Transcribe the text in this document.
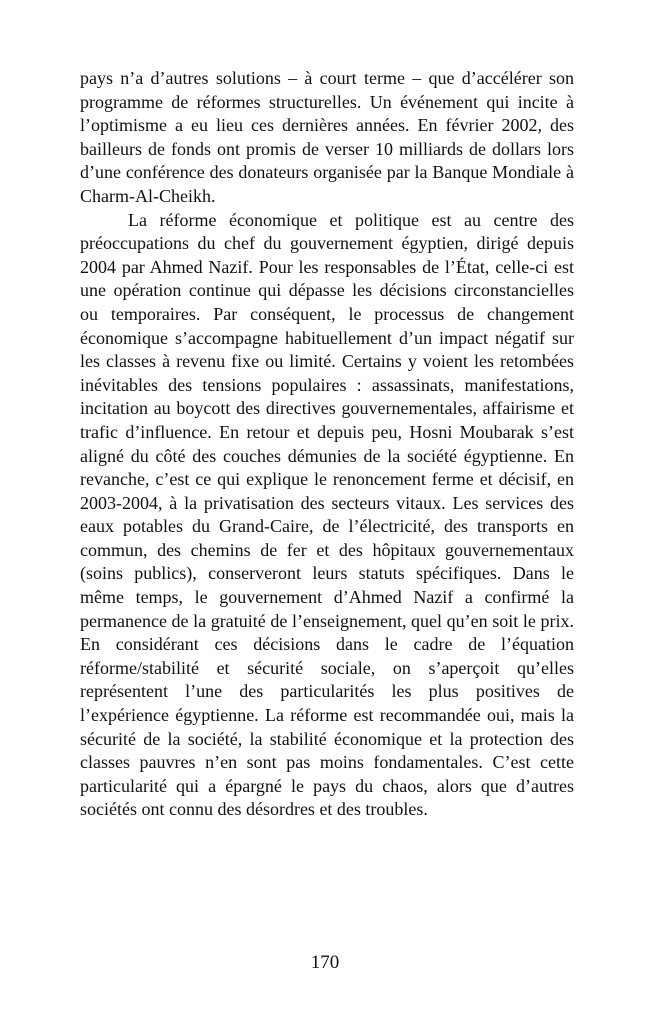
pays n’a d’autres solutions – à court terme – que d’accélérer son programme de réformes structurelles. Un événement qui incite à l’optimisme a eu lieu ces dernières années. En février 2002, des bailleurs de fonds ont promis de verser 10 milliards de dollars lors d’une conférence des donateurs organisée par la Banque Mondiale à Charm-Al-Cheikh.

La réforme économique et politique est au centre des préoccupations du chef du gouvernement égyptien, dirigé depuis 2004 par Ahmed Nazif. Pour les responsables de l’État, celle-ci est une opération continue qui dépasse les décisions circonstancielles ou temporaires. Par conséquent, le processus de changement économique s’accompagne habituellement d’un impact négatif sur les classes à revenu fixe ou limité. Certains y voient les retombées inévitables des tensions populaires : assassinats, manifestations, incitation au boycott des directives gouvernementales, affairisme et trafic d’influence. En retour et depuis peu, Hosni Moubarak s’est aligné du côté des couches démunies de la société égyptienne. En revanche, c’est ce qui explique le renoncement ferme et décisif, en 2003-2004, à la privatisation des secteurs vitaux. Les services des eaux potables du Grand-Caire, de l’électricité, des transports en commun, des chemins de fer et des hôpitaux gouvernementaux (soins publics), conserveront leurs statuts spécifiques. Dans le même temps, le gouvernement d’Ahmed Nazif a confirmé la permanence de la gratuité de l’enseignement, quel qu’en soit le prix. En considérant ces décisions dans le cadre de l’équation réforme/stabilité et sécurité sociale, on s’aperçoit qu’elles représentent l’une des particularités les plus positives de l’expérience égyptienne. La réforme est recommandée oui, mais la sécurité de la société, la stabilité économique et la protection des classes pauvres n’en sont pas moins fondamentales. C’est cette particularité qui a épargné le pays du chaos, alors que d’autres sociétés ont connu des désordres et des troubles.

170
